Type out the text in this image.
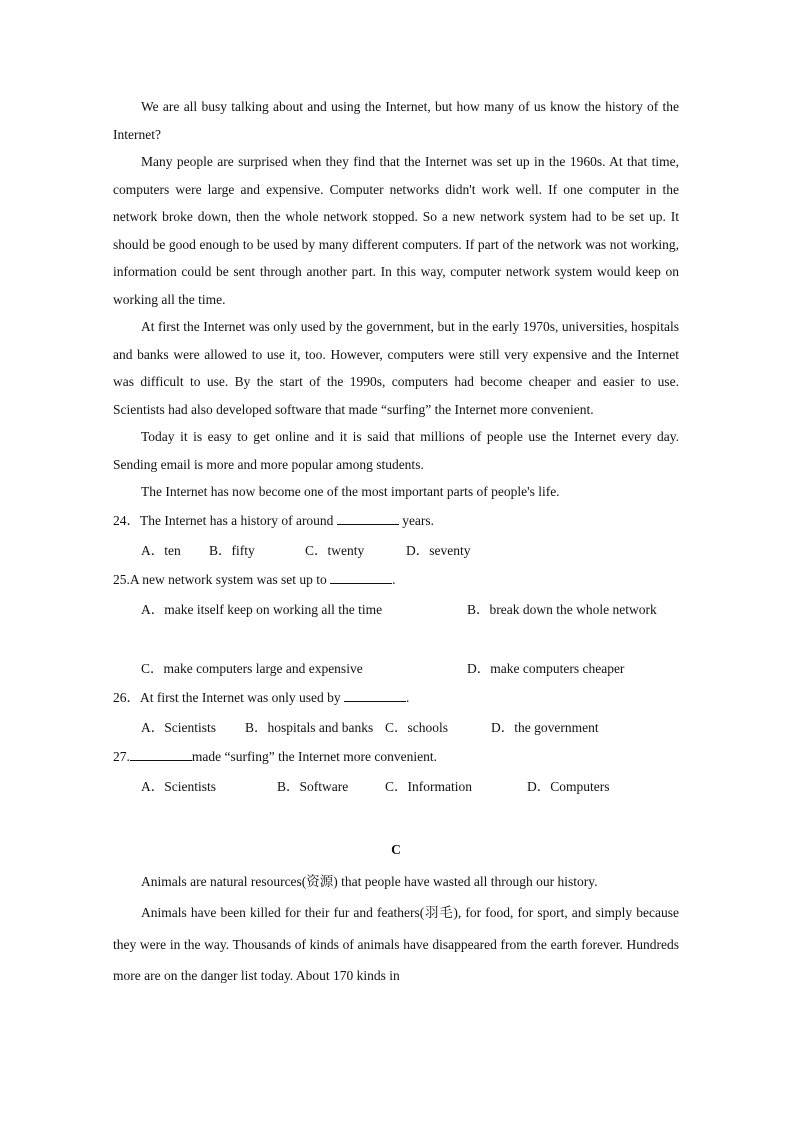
We are all busy talking about and using the Internet, but how many of us know the history of the Internet?

Many people are surprised when they find that the Internet was set up in the 1960s. At that time, computers were large and expensive. Computer networks didn't work well. If one computer in the network broke down, then the whole network stopped. So a new network system had to be set up. It should be good enough to be used by many different computers. If part of the network was not working, information could be sent through another part. In this way, computer network system would keep on working all the time.

At first the Internet was only used by the government, but in the early 1970s, universities, hospitals and banks were allowed to use it, too. However, computers were still very expensive and the Internet was difficult to use. By the start of the 1990s, computers had become cheaper and easier to use. Scientists had also developed software that made “surfing” the Internet more convenient.

Today it is easy to get online and it is said that millions of people use the Internet every day. Sending email is more and more popular among students.

The Internet has now become one of the most important parts of people's life.

24．The Internet has a history of around	years.
A．ten	B．fifty	C．twenty	D．seventy
25.A new network system was set up to	.
A．make itself keep on working all the time	B．break down the whole network
C．make computers large and expensive	D．make computers cheaper
26．At first the Internet was only used by	.
A．Scientists	B．hospitals and banks C．schools	D．the government
27.	made “surfing” the Internet more convenient.
A．Scientists	B．Software	C．Information	D．Computers
C

Animals are natural resources(资源) that people have wasted all through our history.

Animals have been killed for their fur and feathers(羽毛), for food, for sport, and simply because they were in the way. Thousands of kinds of animals have disappeared from the earth forever. Hundreds more are on the danger list today. About 170 kinds in
